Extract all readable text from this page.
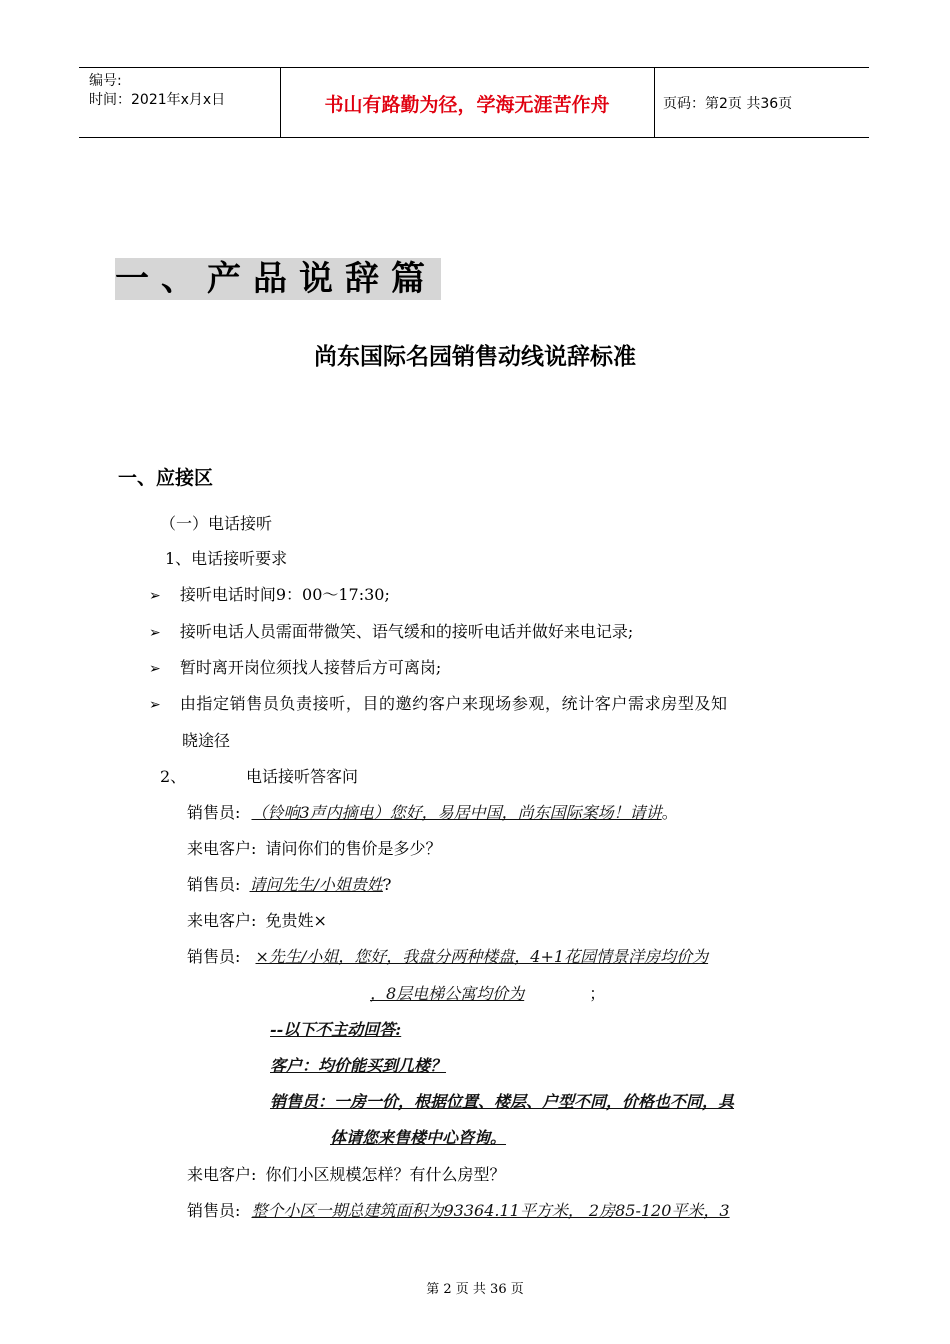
编号:
时间：2021年x月x日	书山有路勤为径，学海无涯苦作舟	页码：第2页 共36页
一、产品说辞篇
尚东国际名园销售动线说辞标准
一、应接区
（一）电话接听
1、电话接听要求
➢ 接听电话时间9：00～17:30;
➢ 接听电话人员需面带微笑、语气缓和的接听电话并做好来电记录;
➢ 暂时离开岗位须找人接替后方可离岗;
➢ 由指定销售员负责接听，目的邀约客户来现场参观，统计客户需求房型及知
晓途径
2、	电话接听答客问
销售员: （铃响3声内摘电）您好，易居中国，尚东国际案场！请讲。
来电客户: 请问你们的售价是多少？
销售员: 请问先生/小姐贵姓?
来电客户: 免贵姓×
销售员: ×先生/小姐，您好，我盘分两种楼盘，4+1花园情景洋房均价为
，8层电梯公寓均价为	；
--以下不主动回答:
客户：均价能买到几楼？
销售员：一房一价，根据位置、楼层、户型不同，价格也不同，具
体请您来售楼中心咨询。
来电客户: 你们小区规模怎样？有什么房型？
销售员: 整个小区一期总建筑面积为93364.11平方米， 2房85-120平米，3
第 2 页 共 36 页
